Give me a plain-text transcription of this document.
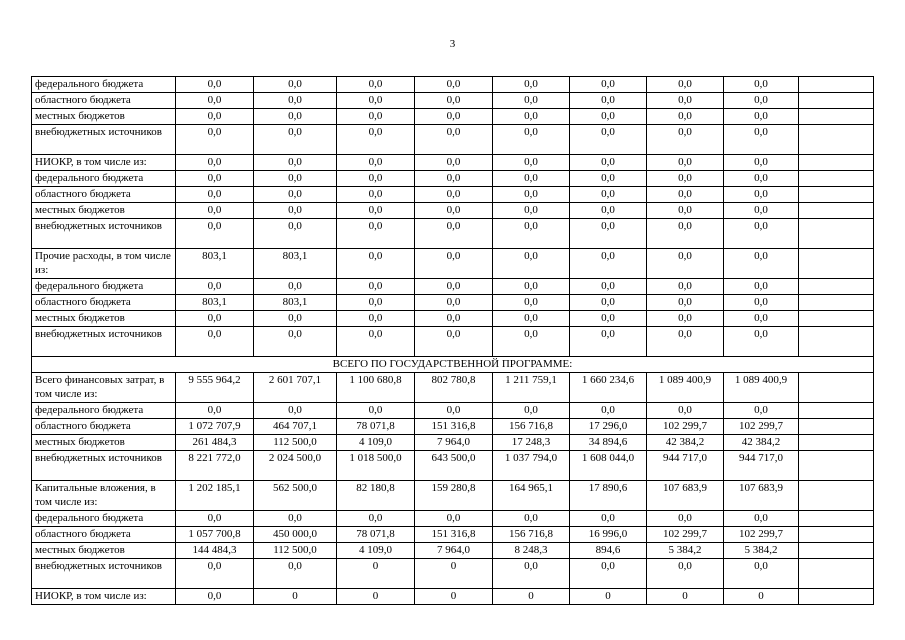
3
федерального бюджета	0,0	0,0	0,0	0,0	0,0	0,0	0,0	0,0	
областного бюджета	0,0	0,0	0,0	0,0	0,0	0,0	0,0	0,0	
местных бюджетов	0,0	0,0	0,0	0,0	0,0	0,0	0,0	0,0	
внебюджетных источников	0,0	0,0	0,0	0,0	0,0	0,0	0,0	0,0	
НИОКР, в том числе из:	0,0	0,0	0,0	0,0	0,0	0,0	0,0	0,0	
федерального бюджета	0,0	0,0	0,0	0,0	0,0	0,0	0,0	0,0	
областного бюджета	0,0	0,0	0,0	0,0	0,0	0,0	0,0	0,0	
местных бюджетов	0,0	0,0	0,0	0,0	0,0	0,0	0,0	0,0	
внебюджетных источников	0,0	0,0	0,0	0,0	0,0	0,0	0,0	0,0	
Прочие расходы, в том числе из:	803,1	803,1	0,0	0,0	0,0	0,0	0,0	0,0	
федерального бюджета	0,0	0,0	0,0	0,0	0,0	0,0	0,0	0,0	
областного бюджета	803,1	803,1	0,0	0,0	0,0	0,0	0,0	0,0	
местных бюджетов	0,0	0,0	0,0	0,0	0,0	0,0	0,0	0,0	
внебюджетных источников	0,0	0,0	0,0	0,0	0,0	0,0	0,0	0,0	
ВСЕГО ПО ГОСУДАРСТВЕННОЙ ПРОГРАММЕ:									
Всего финансовых затрат, в том числе из:	9 555 964,2	2 601 707,1	1 100 680,8	802 780,8	1 211 759,1	1 660 234,6	1 089 400,9	1 089 400,9	
федерального бюджета	0,0	0,0	0,0	0,0	0,0	0,0	0,0	0,0	
областного бюджета	1 072 707,9	464 707,1	78 071,8	151 316,8	156 716,8	17 296,0	102 299,7	102 299,7	
местных бюджетов	261 484,3	112 500,0	4 109,0	7 964,0	17 248,3	34 894,6	42 384,2	42 384,2	
внебюджетных источников	8 221 772,0	2 024 500,0	1 018 500,0	643 500,0	1 037 794,0	1 608 044,0	944 717,0	944 717,0	
Капитальные вложения, в том числе из:	1 202 185,1	562 500,0	82 180,8	159 280,8	164 965,1	17 890,6	107 683,9	107 683,9	
федерального бюджета	0,0	0,0	0,0	0,0	0,0	0,0	0,0	0,0	
областного бюджета	1 057 700,8	450 000,0	78 071,8	151 316,8	156 716,8	16 996,0	102 299,7	102 299,7	
местных бюджетов	144 484,3	112 500,0	4 109,0	7 964,0	8 248,3	894,6	5 384,2	5 384,2	
внебюджетных источников	0,0	0,0	0	0	0,0	0,0	0,0	0,0	
НИОКР, в том числе из:	0,0	0	0	0	0	0	0	0	
